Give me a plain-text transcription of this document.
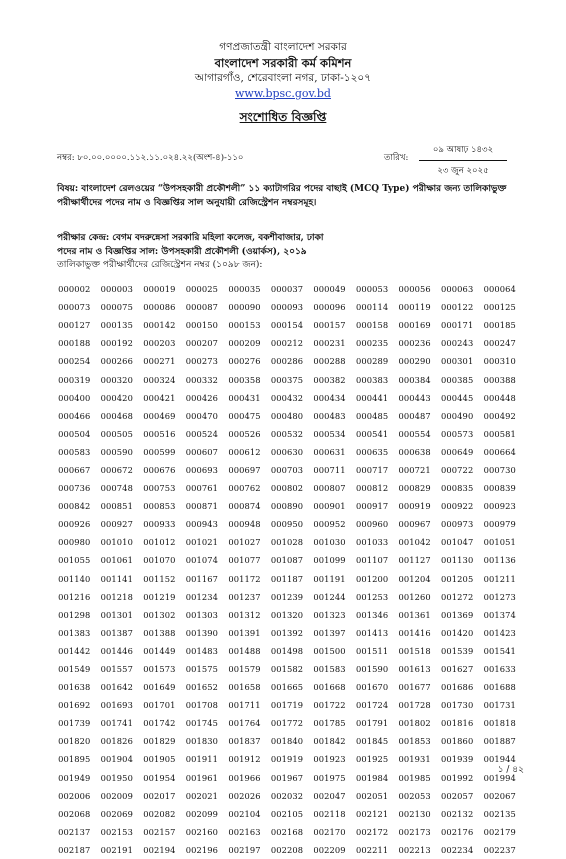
গণপ্রজাতন্ত্রী বাংলাদেশ সরকার
বাংলাদেশ সরকারী কর্ম কমিশন
আগারগাঁও, শেরেবাংলা নগর, ঢাকা-১২০৭
www.bpsc.gov.bd
সংশোধিত বিজ্ঞপ্তি
নম্বর: ৮০.০০.০০০০.১১২.১১.০২৪.২২(অংশ-৪)-১১০	তারিখ:
০৯ আষাঢ় ১৪৩২
২৩ জুন ২০২৫
বিষয়: বাংলাদেশ রেলওয়ের “উপসহকারী প্রকৌশলী” ১১ ক্যাটাগরির পদের বাছাই (MCQ Type) পরীক্ষার জন্য তালিকাভুক্ত পরীক্ষার্থীদের পদের নাম ও বিজ্ঞপ্তির সাল অনুযায়ী রেজিস্ট্রেশন নম্বরসমূহ।
পরীক্ষার কেন্দ্র: বেগম বদরুন্নেসা সরকারি মহিলা কলেজ, বকশীবাজার, ঢাকা
পদের নাম ও বিজ্ঞপ্তির সাল: উপসহকারী প্রকৌশলী (ওয়ার্কস), ২০১৯
তালিকাভুক্ত পরীক্ষার্থীদের রেজিস্ট্রেশন নম্বর (১০৯৮ জন):
000002	000003	000019	000025	000035	000037	000049	000053	000056	000063	000064
000073	000075	000086	000087	000090	000093	000096	000114	000119	000122	000125
000127	000135	000142	000150	000153	000154	000157	000158	000169	000171	000185
000188	000192	000203	000207	000209	000212	000231	000235	000236	000243	000247
000254	000266	000271	000273	000276	000286	000288	000289	000290	000301	000310
000319	000320	000324	000332	000358	000375	000382	000383	000384	000385	000388
000400	000420	000421	000426	000431	000432	000434	000441	000443	000445	000448
000466	000468	000469	000470	000475	000480	000483	000485	000487	000490	000492
000504	000505	000516	000524	000526	000532	000534	000541	000554	000573	000581
000583	000590	000599	000607	000612	000630	000631	000635	000638	000649	000664
000667	000672	000676	000693	000697	000703	000711	000717	000721	000722	000730
000736	000748	000753	000761	000762	000802	000807	000812	000829	000835	000839
000842	000851	000853	000871	000874	000890	000901	000917	000919	000922	000923
000926	000927	000933	000943	000948	000950	000952	000960	000967	000973	000979
000980	001010	001012	001021	001027	001028	001030	001033	001042	001047	001051
001055	001061	001070	001074	001077	001087	001099	001107	001127	001130	001136
001140	001141	001152	001167	001172	001187	001191	001200	001204	001205	001211
001216	001218	001219	001234	001237	001239	001244	001253	001260	001272	001273
001298	001301	001302	001303	001312	001320	001323	001346	001361	001369	001374
001383	001387	001388	001390	001391	001392	001397	001413	001416	001420	001423
001442	001446	001449	001483	001488	001498	001500	001511	001518	001539	001541
001549	001557	001573	001575	001579	001582	001583	001590	001613	001627	001633
001638	001642	001649	001652	001658	001665	001668	001670	001677	001686	001688
001692	001693	001701	001708	001711	001719	001722	001724	001728	001730	001731
001739	001741	001742	001745	001764	001772	001785	001791	001802	001816	001818
001820	001826	001829	001830	001837	001840	001842	001845	001853	001860	001887
001895	001904	001905	001911	001912	001919	001923	001925	001931	001939	001944
001949	001950	001954	001961	001966	001967	001975	001984	001985	001992	001994
002006	002009	002017	002021	002026	002032	002047	002051	002053	002057	002067
002068	002069	002082	002099	002104	002105	002118	002121	002130	002132	002135
002137	002153	002157	002160	002163	002168	002170	002172	002173	002176	002179
002187	002191	002194	002196	002197	002208	002209	002211	002213	002234	002237
১ / ৪২
